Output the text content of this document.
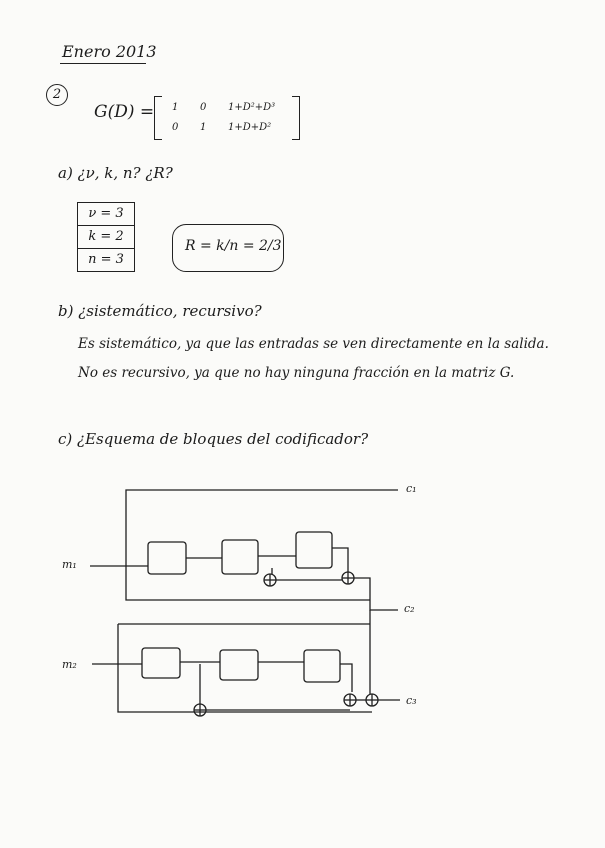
Enero 2013
2
G(D) = 1 0 1+D²+D³
0 1 1+D+D²
a) ¿ν, k, n? ¿R?
ν = 3
k = 2
n = 3
R = k/n = 2/3
b) ¿sistemático, recursivo?
Es sistemático, ya que las entradas se ven directamente en la salida.
No es recursivo, ya que no hay ninguna fracción en la matriz G.
c) ¿Esquema de bloques del codificador?
m₁
m₂
c₁
c₂
c₃
